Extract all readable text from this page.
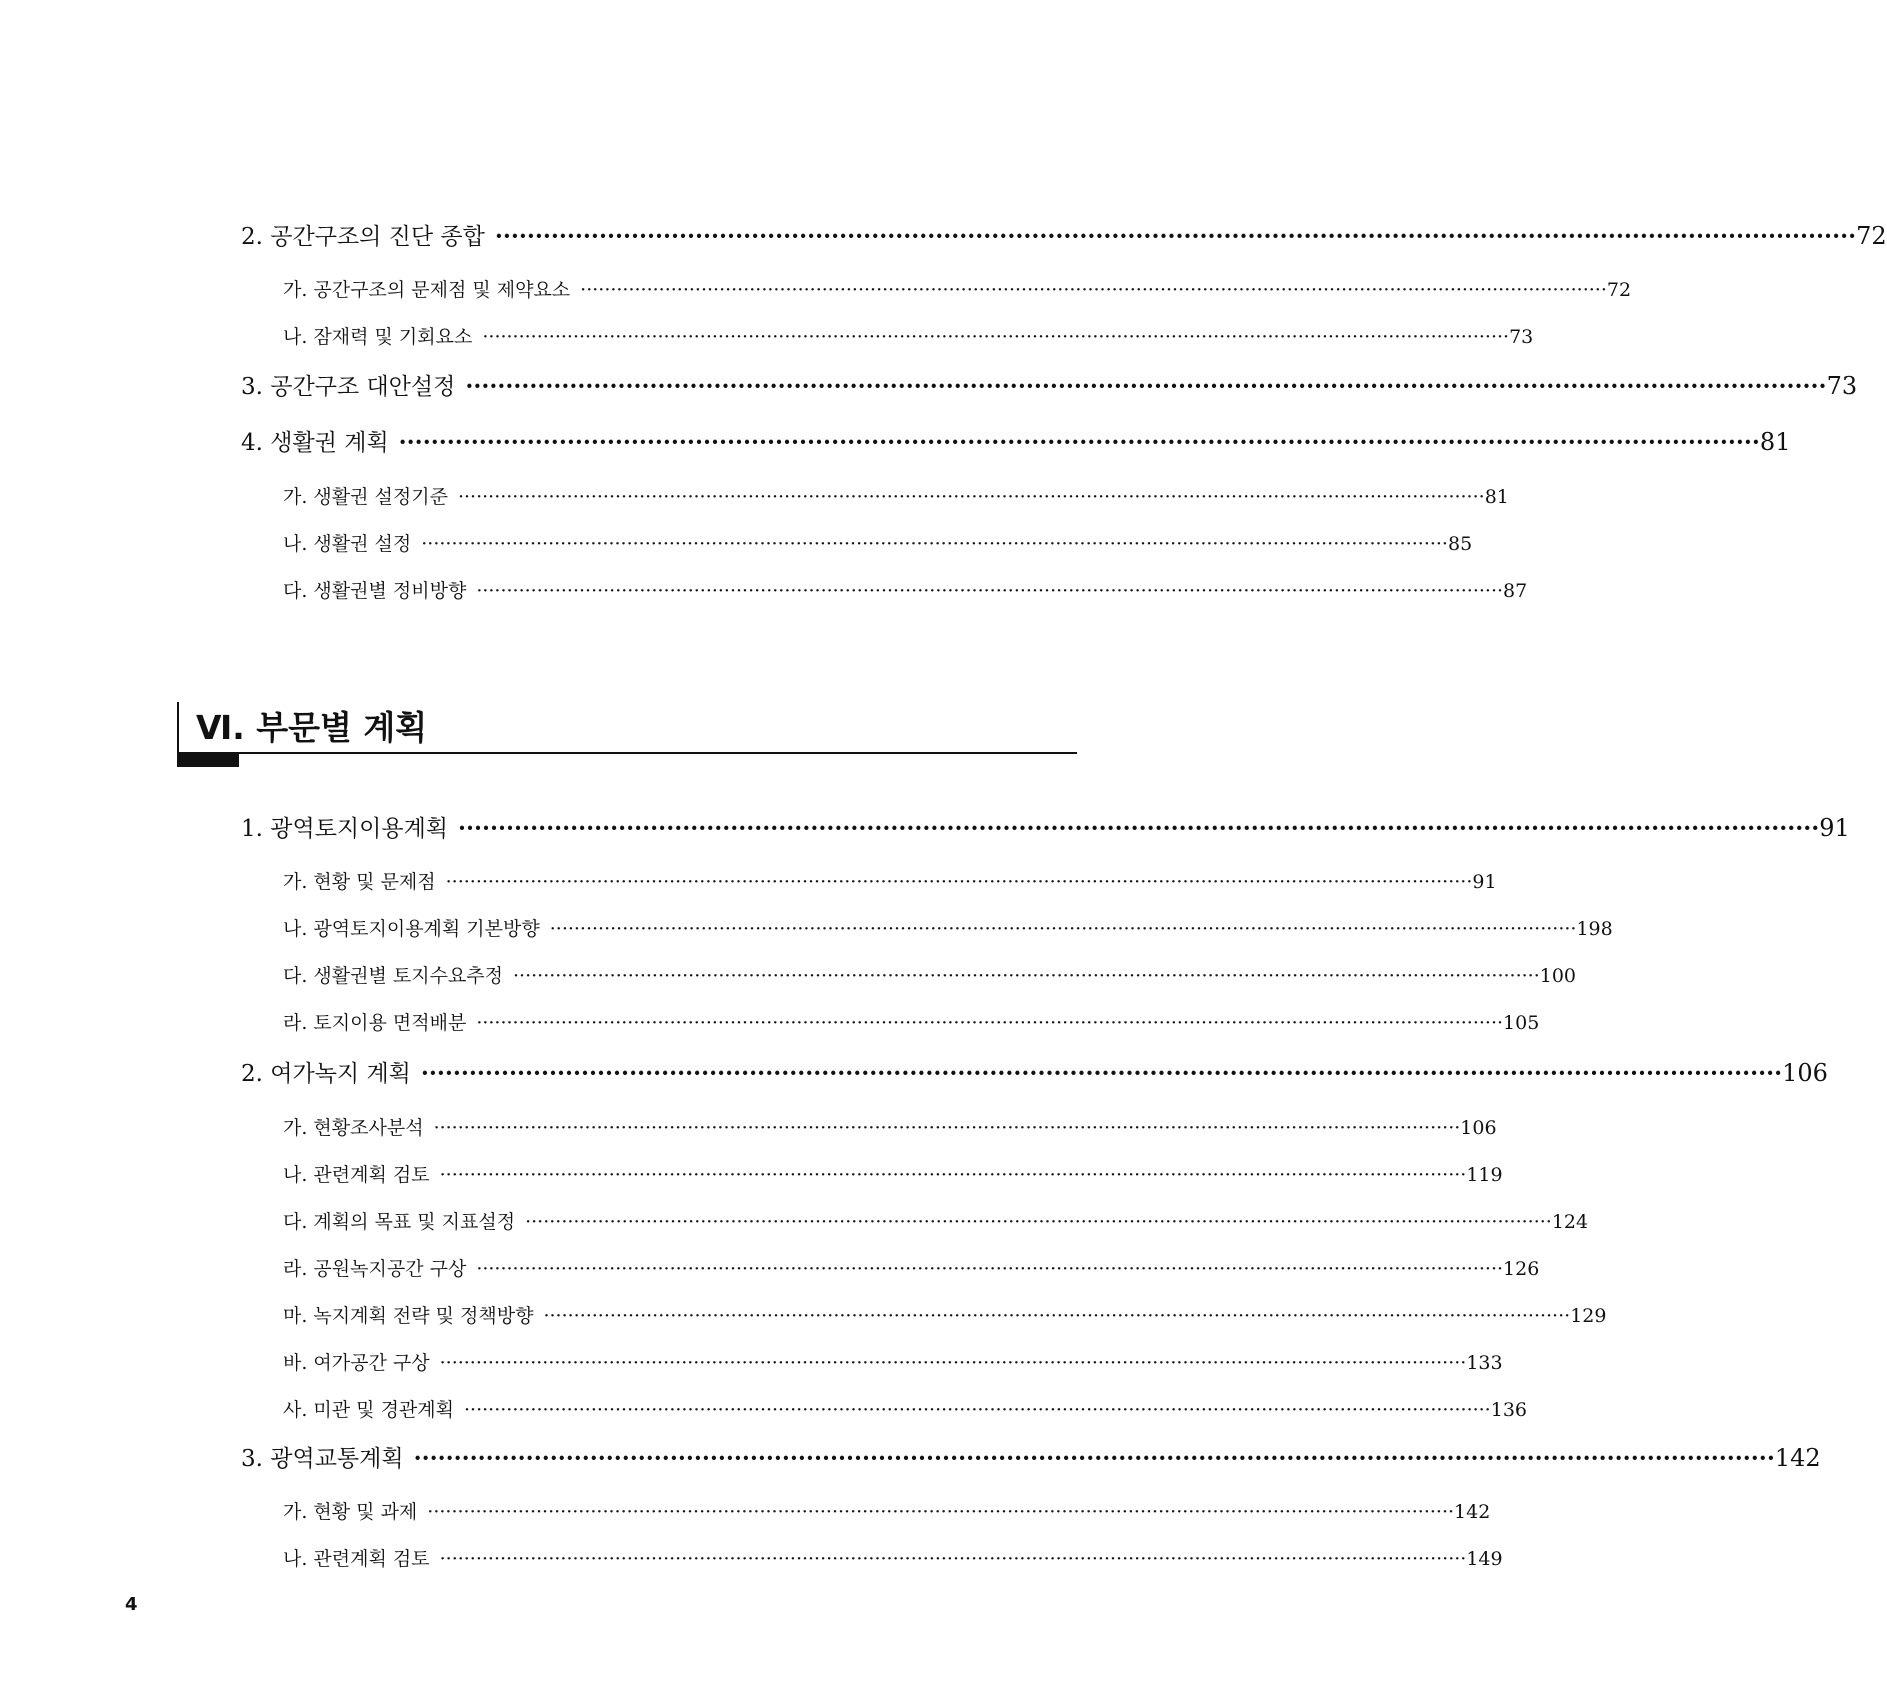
2. 공간구조의 진단 종합 ·········································································································································································· 72
가. 공간구조의 문제점 및 제약요소 ·········································································································································································· 72
나. 잠재력 및 기회요소 ·········································································································································································· 73
3. 공간구조 대안설정 ·········································································································································································· 73
4. 생활권 계획 ·········································································································································································· 81
가. 생활권 설정기준 ·········································································································································································· 81
나. 생활권 설정 ·········································································································································································· 85
다. 생활권별 정비방향 ·········································································································································································· 87
Ⅵ. 부문별 계획
1. 광역토지이용계획 ·········································································································································································· 91
가. 현황 및 문제점 ·········································································································································································· 91
나. 광역토지이용계획 기본방향 ·········································································································································································· 198
다. 생활권별 토지수요추정 ·········································································································································································· 100
라. 토지이용 면적배분 ·········································································································································································· 105
2. 여가녹지 계획 ·········································································································································································· 106
가. 현황조사분석 ·········································································································································································· 106
나. 관련계획 검토 ·········································································································································································· 119
다. 계획의 목표 및 지표설정 ·········································································································································································· 124
라. 공원녹지공간 구상 ·········································································································································································· 126
마. 녹지계획 전략 및 정책방향 ·········································································································································································· 129
바. 여가공간 구상 ·········································································································································································· 133
사. 미관 및 경관계획 ·········································································································································································· 136
3. 광역교통계획 ·········································································································································································· 142
가. 현황 및 과제 ·········································································································································································· 142
나. 관련계획 검토 ·········································································································································································· 149
4
